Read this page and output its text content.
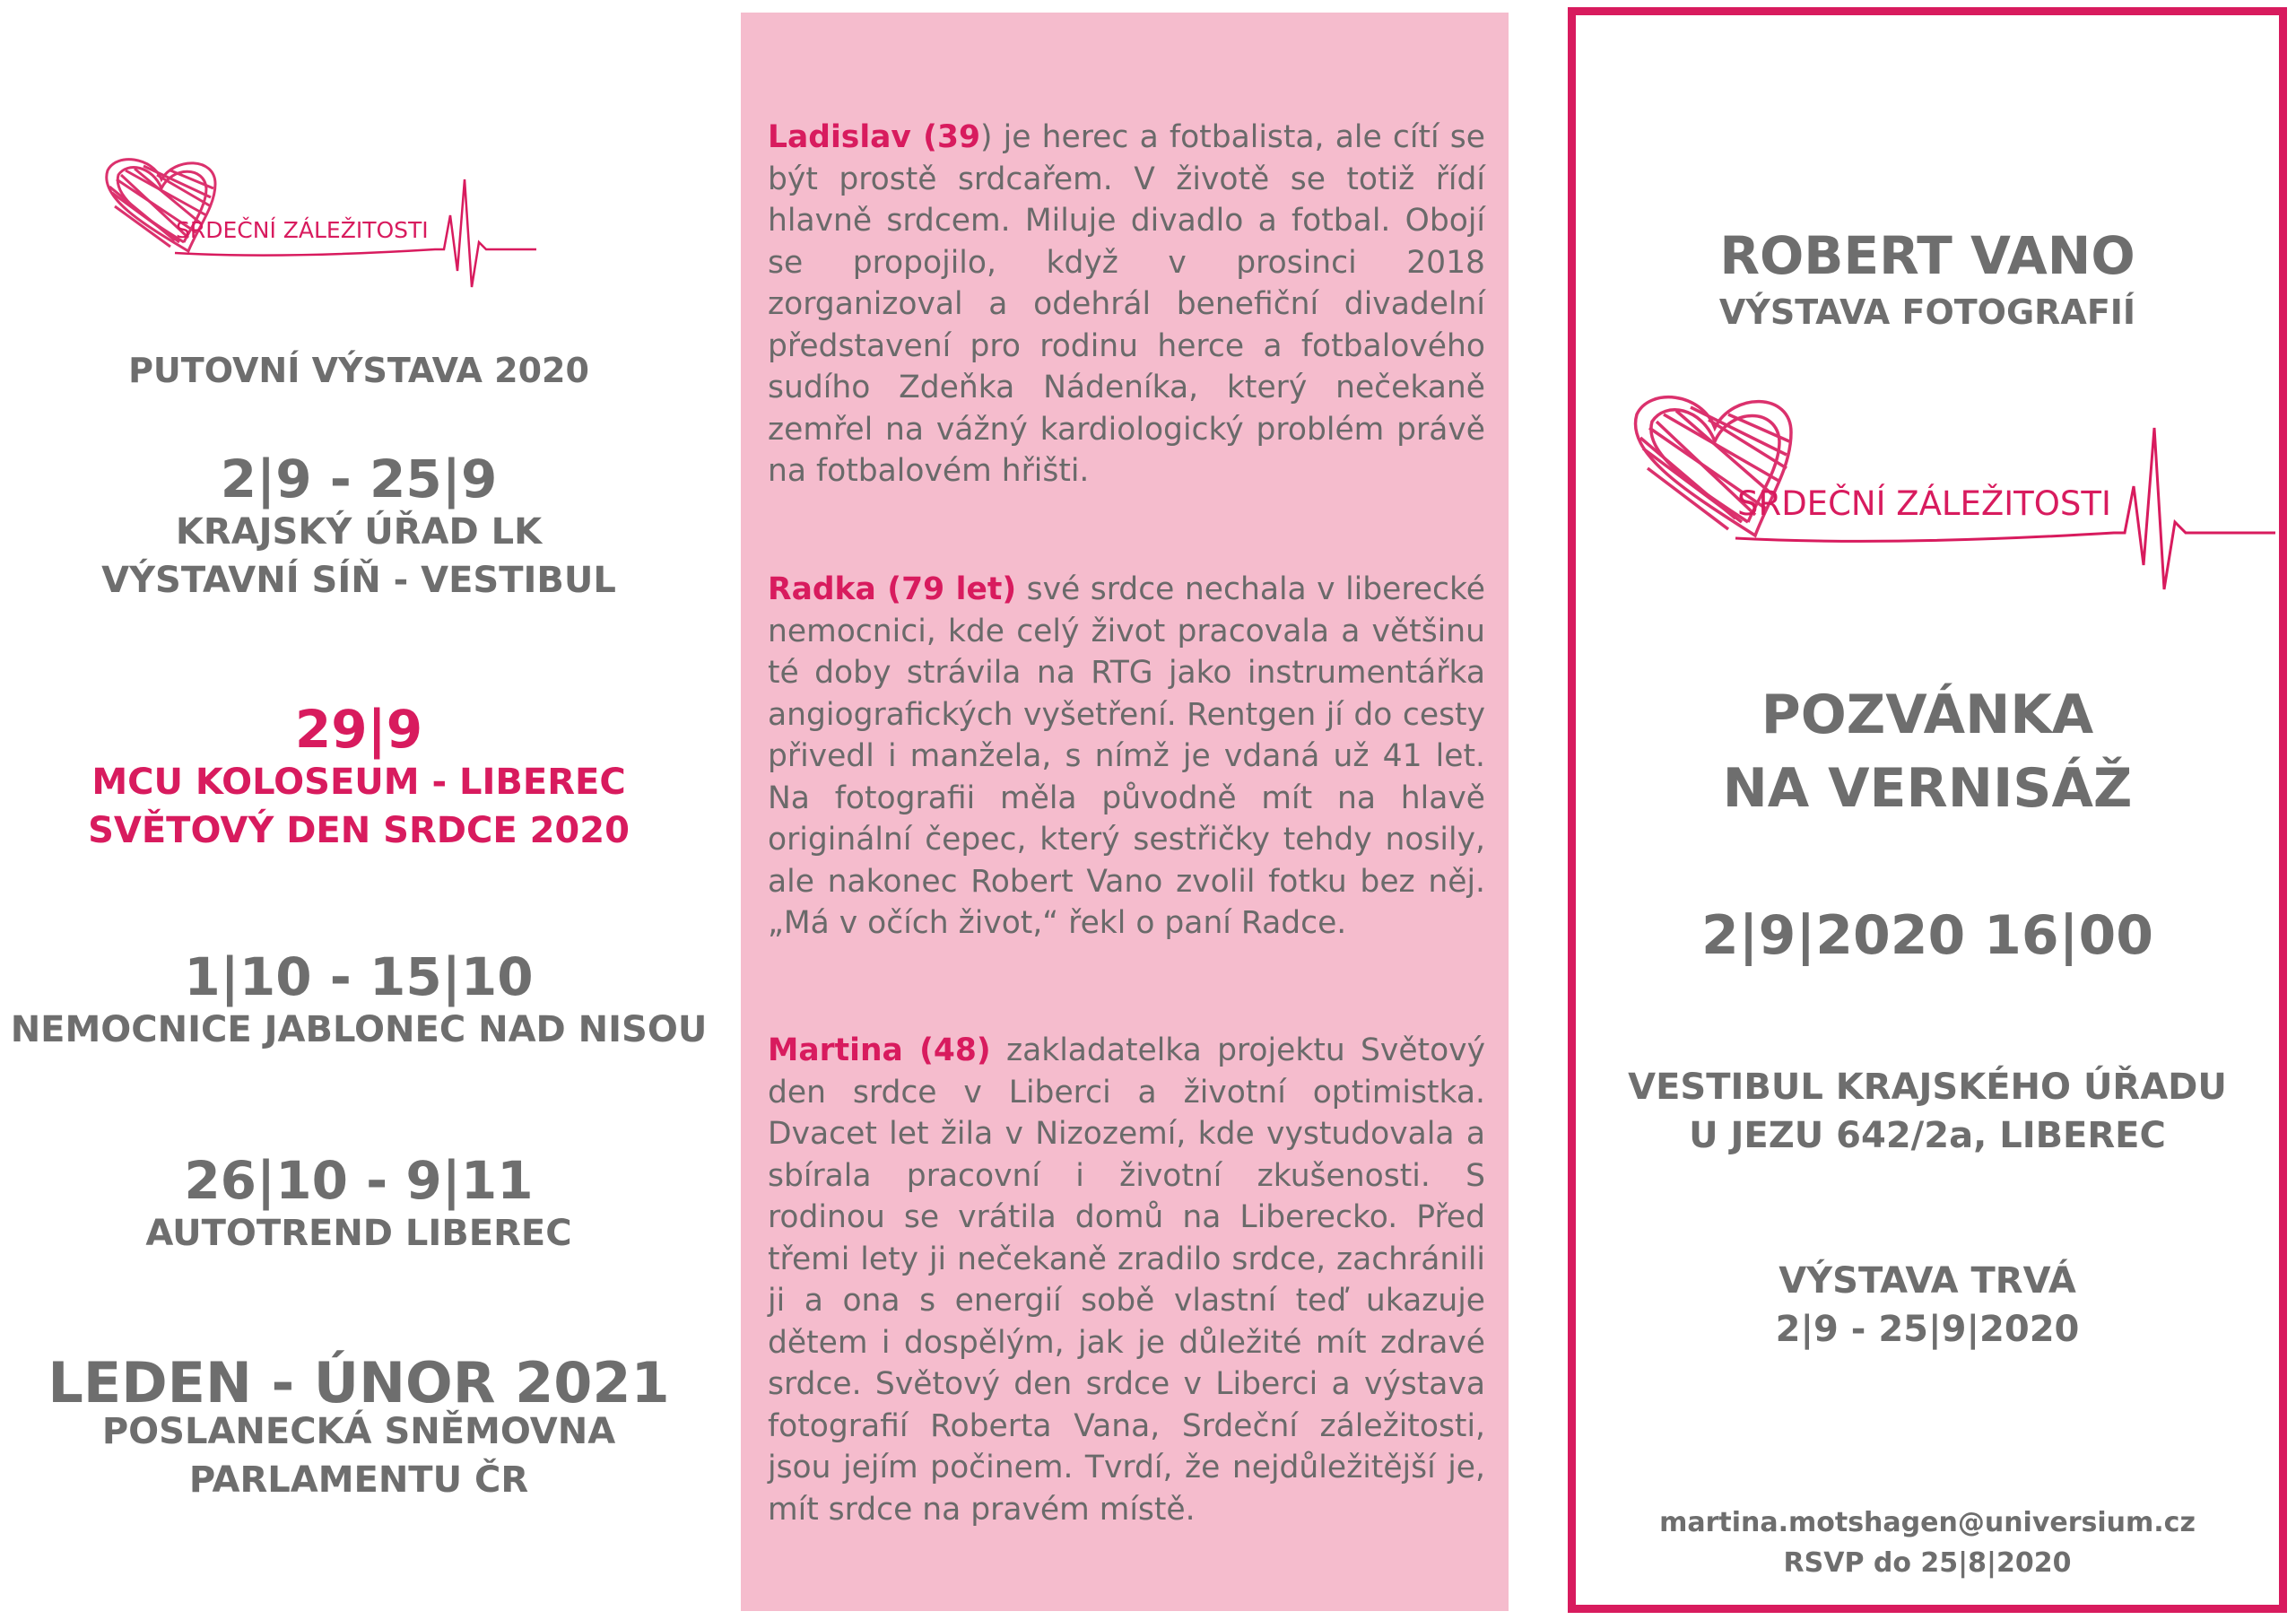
SRDEČNÍ ZÁLEŽITOSTI
PUTOVNÍ VÝSTAVA 2020
2|9 - 25|9
KRAJSKÝ ÚŘAD LK
VÝSTAVNÍ SÍŇ - VESTIBUL
29|9
MCU KOLOSEUM - LIBEREC
SVĚTOVÝ DEN SRDCE 2020
1|10 - 15|10
NEMOCNICE JABLONEC NAD NISOU
26|10 - 9|11
AUTOTREND LIBEREC
LEDEN - ÚNOR 2021
POSLANECKÁ SNĚMOVNA
PARLAMENTU ČR
Ladislav (39) je herec a fotbalista, ale cítí se být prostě srdcařem. V životě se totiž řídí hlavně srdcem. Miluje divadlo a fotbal. Obojí se propojilo, když v prosinci 2018 zorganizoval a odehrál benefiční divadelní představení pro rodinu herce a fotbalového sudího Zdeňka Nádeníka, který nečekaně zemřel na vážný kardiologický problém právě na fotbalovém hřišti.
Radka (79 let) své srdce nechala v liberecké nemocnici, kde celý život pracovala a většinu té doby strávila na RTG jako instrumentářka angiografických vyšetření. Rentgen jí do cesty přivedl i manžela, s nímž je vdaná už 41 let. Na fotografii měla původně mít na hlavě originální čepec, který sestřičky tehdy nosily, ale nakonec Robert Vano zvolil fotku bez něj. „Má v očích život,“ řekl o paní Radce.
Martina (48) zakladatelka projektu Světový den srdce v Liberci a životní optimistka. Dvacet let žila v Nizozemí, kde vystudovala a sbírala pracovní i životní zkušenosti. S rodinou se vrátila domů na Liberecko. Před třemi lety ji nečekaně zradilo srdce, zachránili ji a ona s energií sobě vlastní teď ukazuje dětem i dospělým, jak je důležité mít zdravé srdce. Světový den srdce v Liberci a výstava fotografií Roberta Vana, Srdeční záležitosti, jsou jejím počinem. Tvrdí, že nejdůležitější je, mít srdce na pravém místě.
ROBERT VANO
VÝSTAVA FOTOGRAFIÍ
SRDEČNÍ ZÁLEŽITOSTI
POZVÁNKA
NA VERNISÁŽ
2|9|2020 16|00
VESTIBUL KRAJSKÉHO ÚŘADU
U JEZU 642/2a, LIBEREC
VÝSTAVA TRVÁ
2|9 - 25|9|2020
martina.motshagen@universium.cz
RSVP do 25|8|2020
